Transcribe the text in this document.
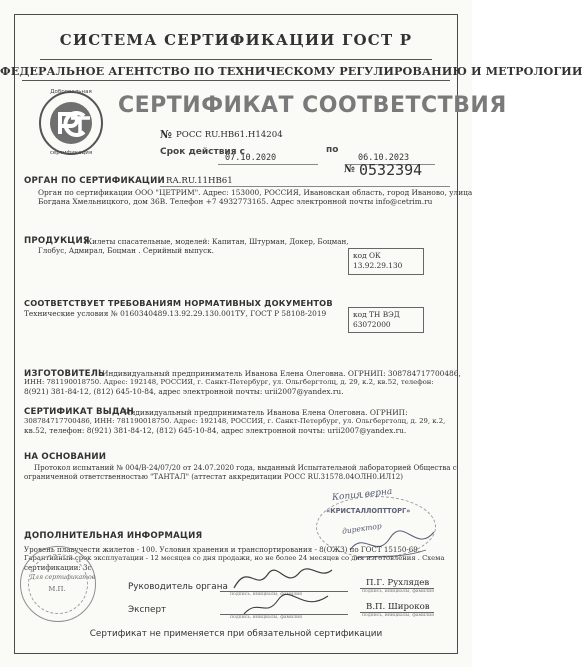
СИСТЕМА СЕРТИФИКАЦИИ ГОСТ Р
ФЕДЕРАЛЬНОЕ АГЕНТСТВО ПО ТЕХНИЧЕСКОМУ РЕГУЛИРОВАНИЮ И МЕТРОЛОГИИ
Добровольная
сертификация
СЕРТИФИКАТ СООТВЕТСТВИЯ
№ РОСС RU.НВ61.Н14204
Срок действия с
07.10.2020
по
06.10.2023
№ 0532394
ОРГАН ПО СЕРТИФИКАЦИИ RA.RU.11НВ61
Орган по сертификации ООО "ЦЕТРИМ". Адрес: 153000, РОССИЯ, Ивановская область, город Иваново, улица
Богдана Хмельницкого, дом 36В. Телефон +7 4932773165. Адрес электронной почты info@cetrim.ru
ПРОДУКЦИЯ
Жилеты спасательные, моделей: Капитан, Штурман, Докер, Боцман,
Глобус, Адмирал, Боцман . Серийный выпуск.
код ОК
13.92.29.130
СООТВЕТСТВУЕТ ТРЕБОВАНИЯМ НОРМАТИВНЫХ ДОКУМЕНТОВ
Технические условия № 0160340489.13.92.29.130.001ТУ, ГОСТ Р 58108-2019	код ТН ВЭД
63072000
ИЗГОТОВИТЕЛЬ
Индивидуальный предприниматель Иванова Елена Олеговна. ОГРНИП: 308784717700486,
ИНН: 781190018750. Адрес: 192148, РОССИЯ, г. Санкт-Петербург, ул. Ольгбергтолц, д. 29, к.2, кв.52, телефон:
8(921) 381-84-12, (812) 645-10-84, адрес электронной почты: urii2007@yandex.ru.
СЕРТИФИКАТ ВЫДАН
Индивидуальный предприниматель Иванова Елена Олеговна. ОГРНИП:
308784717700486, ИНН: 781190018750. Адрес: 192148, РОССИЯ, г. Санкт-Петербург, ул. Ольгбергтолц, д. 29, к.2,
кв.52, телефон: 8(921) 381-84-12, (812) 645-10-84, адрес электронной почты: urii2007@yandex.ru.
НА ОСНОВАНИИ
Протокол испытаний № 004/В-24/07/20 от 24.07.2020 года, выданный Испытательной лабораторией Общества с
ограниченной ответственностью "ТАНТАЛ" (аттестат аккредитации РОСС RU.31578.04ОЛН0.ИЛ12)
Копия верна
«КРИСТАЛЛОПТТОРГ»
директор
ДОПОЛНИТЕЛЬНАЯ ИНФОРМАЦИЯ
Уровень плавучести жилетов - 100. Условия хранения и транспортирования - 8(ОЖЗ) по ГОСТ 15150-69.
Гарантийный срок эксплуатации - 12 месяцев со дня продажи, но не более 24 месяцев со дня изготовления . Схема
сертификации: 3с.
Для сертификатов
М.П.	Руководитель органа
подпись, инициалы, фамилия
П.Г. Рухлядев
подпись, инициалы, фамилия
Эксперт
подпись, инициалы, фамилия
В.П. Широков
подпись, инициалы, фамилия
Сертификат не применяется при обязательной сертификации
